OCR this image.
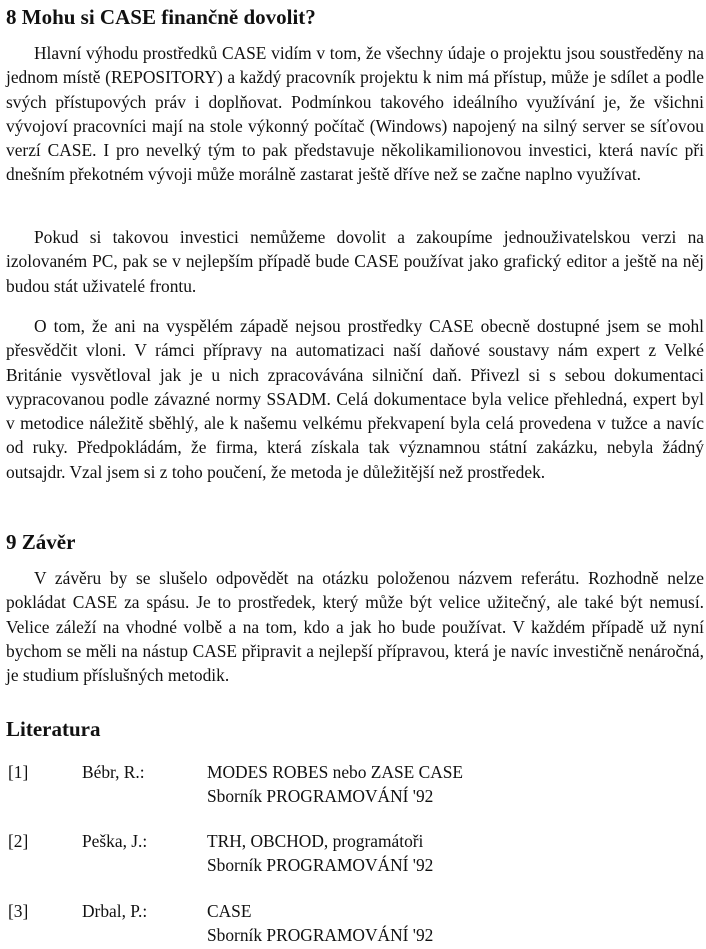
8 Mohu si CASE finančně dovolit?

Hlavní výhodu prostředků CASE vidím v tom, že všechny údaje o projektu jsou soustředěny na jednom místě (REPOSITORY) a každý pracovník projektu k nim má přístup, může je sdílet a podle svých přístupových práv i doplňovat. Podmínkou takového ideálního využívání je, že všichni vývojoví pracovníci mají na stole výkonný počítač (Windows) napojený na silný server se síťovou verzí CASE. I pro nevelký tým to pak představuje několikamilionovou investici, která navíc při dnešním překotném vývoji může morálně zastarat ještě dříve než se začne naplno využívat.

Pokud si takovou investici nemůžeme dovolit a zakoupíme jednouživatelskou verzi na izolovaném PC, pak se v nejlepším případě bude CASE používat jako grafický editor a ještě na něj budou stát uživatelé frontu.

O tom, že ani na vyspělém západě nejsou prostředky CASE obecně dostupné jsem se mohl přesvědčit vloni. V rámci přípravy na automatizaci naší daňové soustavy nám expert z Velké Británie vysvětloval jak je u nich zpracovávána silniční daň. Přivezl si s sebou dokumentaci vypracovanou podle závazné normy SSADM. Celá dokumentace byla velice přehledná, expert byl v metodice náležitě sběhlý, ale k našemu velkému překvapení byla celá provedena v tužce a navíc od ruky. Předpokládám, že firma, která získala tak významnou státní zakázku, nebyla žádný outsajdr. Vzal jsem si z toho poučení, že metoda je důležitější než prostředek.

9 Závěr

V závěru by se slušelo odpovědět na otázku položenou názvem referátu. Rozhodně nelze pokládat CASE za spásu. Je to prostředek, který může být velice užitečný, ale také být nemusí. Velice záleží na vhodné volbě a na tom, kdo a jak ho bude používat. V každém případě už nyní bychom se měli na nástup CASE připravit a nejlepší přípravou, která je navíc investičně nenáročná, je studium příslušných metodik.

Literatura
[1]	Bébr, R.:	MODES ROBES nebo ZASE CASE
Sborník PROGRAMOVÁNÍ '92
[2]	Peška, J.:	TRH, OBCHOD, programátoři
Sborník PROGRAMOVÁNÍ '92
[3]	Drbal, P.:	CASE
Sborník PROGRAMOVÁNÍ '92
